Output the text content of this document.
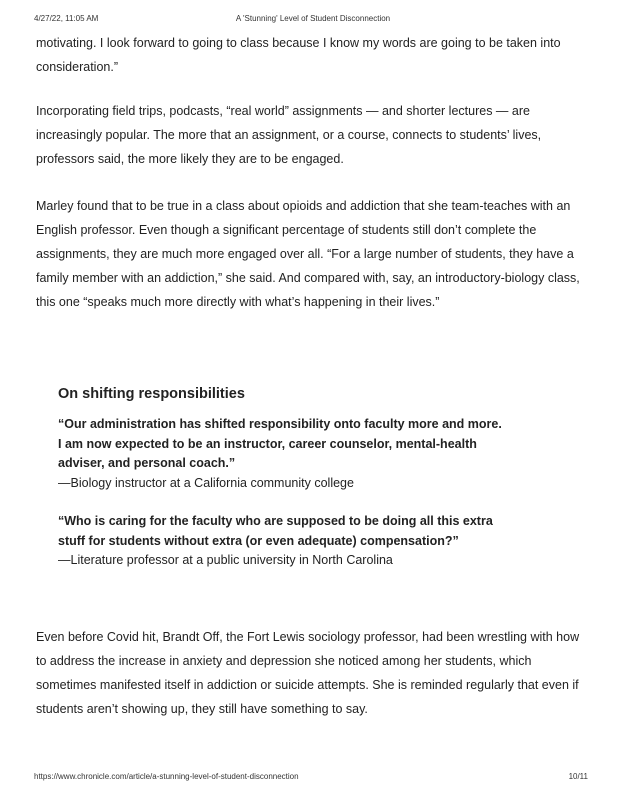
4/27/22, 11:05 AM	A 'Stunning' Level of Student Disconnection

motivating. I look forward to going to class because I know my words are going to be taken into consideration.”

Incorporating field trips, podcasts, “real world” assignments — and shorter lectures — are increasingly popular. The more that an assignment, or a course, connects to students’ lives, professors said, the more likely they are to be engaged.

Marley found that to be true in a class about opioids and addiction that she team-teaches with an English professor. Even though a significant percentage of students still don’t complete the assignments, they are much more engaged over all. “For a large number of students, they have a family member with an addiction,” she said. And compared with, say, an introductory-biology class, this one “speaks much more directly with what’s happening in their lives.”

On shifting responsibilities

“Our administration has shifted responsibility onto faculty more and more.

I am now expected to be an instructor, career counselor, mental-health

adviser, and personal coach.”

—Biology instructor at a California community college

“Who is caring for the faculty who are supposed to be doing all this extra

stuff for students without extra (or even adequate) compensation?”

—Literature professor at a public university in North Carolina

Even before Covid hit, Brandt Off, the Fort Lewis sociology professor, had been wrestling with how to address the increase in anxiety and depression she noticed among her students, which sometimes manifested itself in addiction or suicide attempts. She is reminded regularly that even if students aren’t showing up, they still have something to say.

https://www.chronicle.com/article/a-stunning-level-of-student-disconnection	10/11
